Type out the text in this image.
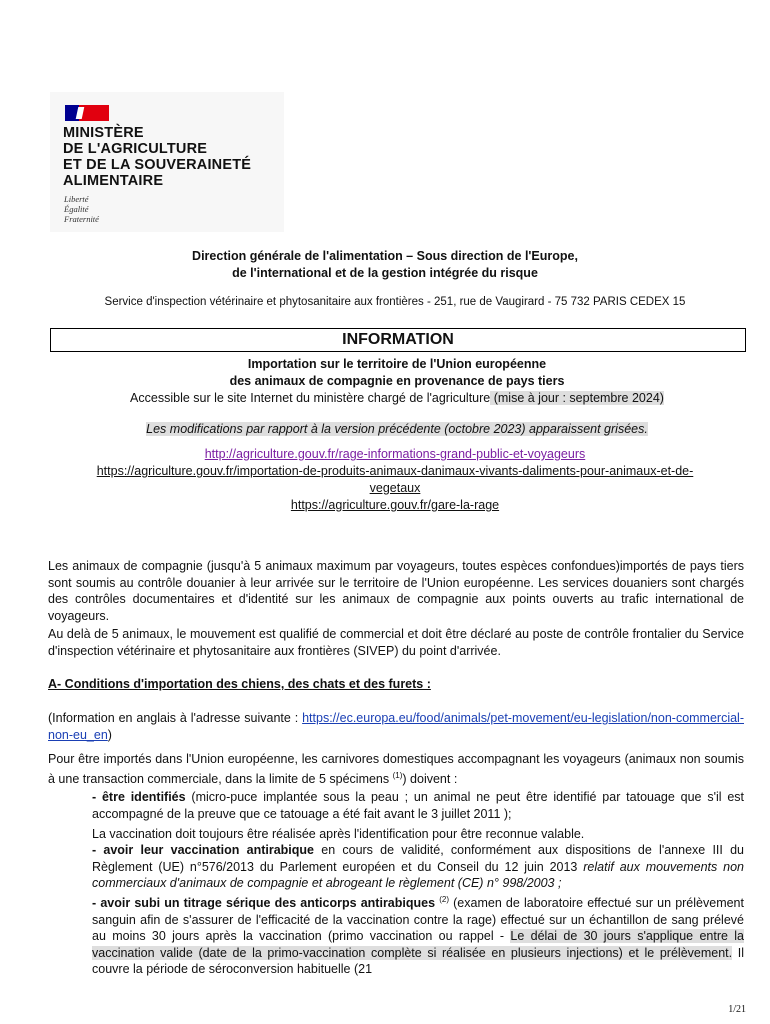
MINISTÈRE
DE L'AGRICULTURE
ET DE LA SOUVERAINETÉ
ALIMENTAIRE
Liberté
Égalité
Fraternité
Direction générale de l'alimentation – Sous direction de l'Europe,
de l'international et de la gestion intégrée du risque
Service d'inspection vétérinaire et phytosanitaire aux frontières - 251, rue de Vaugirard - 75 732 PARIS CEDEX 15
INFORMATION
Importation sur le territoire de l'Union européenne
des animaux de compagnie en provenance de pays tiers
Accessible sur le site Internet du ministère chargé de l'agriculture (mise à jour : septembre 2024)
Les modifications par rapport à la version précédente (octobre 2023) apparaissent grisées.
http://agriculture.gouv.fr/rage-informations-grand-public-et-voyageurs
https://agriculture.gouv.fr/importation-de-produits-animaux-danimaux-vivants-daliments-pour-animaux-et-de-
vegetaux
https://agriculture.gouv.fr/gare-la-rage
Les animaux de compagnie (jusqu'à 5 animaux maximum par voyageurs, toutes espèces confondues)importés de pays tiers sont soumis au contrôle douanier à leur arrivée sur le territoire de l'Union européenne. Les services douaniers sont chargés des contrôles documentaires et d'identité sur les animaux de compagnie aux points ouverts au trafic international de voyageurs.
Au delà de 5 animaux, le mouvement est qualifié de commercial et doit être déclaré au poste de contrôle frontalier du Service d'inspection vétérinaire et phytosanitaire aux frontières (SIVEP) du point d'arrivée.
A- Conditions d'importation des chiens, des chats et des furets :
(Information en anglais à l'adresse suivante : https://ec.europa.eu/food/animals/pet-movement/eu-legislation/non-commercial-non-eu_en)
Pour être importés dans l'Union européenne, les carnivores domestiques accompagnant les voyageurs (animaux non soumis à une transaction commerciale, dans la limite de 5 spécimens $^{(1)}$) doivent :
- être identifiés (micro-puce implantée sous la peau ; un animal ne peut être identifié par tatouage que s'il est accompagné de la preuve que ce tatouage a été fait avant le 3 juillet 2011 );
La vaccination doit toujours être réalisée après l'identification pour être reconnue valable.
- avoir leur vaccination antirabique en cours de validité, conformément aux dispositions de l'annexe III du Règlement (UE) n°576/2013 du Parlement européen et du Conseil du 12 juin 2013 relatif aux mouvements non commerciaux d'animaux de compagnie et abrogeant le règlement (CE) n° 998/2003 ;
- avoir subi un titrage sérique des anticorps antirabiques $^{(2)}$ (examen de laboratoire effectué sur un prélèvement sanguin afin de s'assurer de l'efficacité de la vaccination contre la rage) effectué sur un échantillon de sang prélevé au moins 30 jours après la vaccination (primo vaccination ou rappel - Le délai de 30 jours s'applique entre la vaccination valide (date de la primo-vaccination complète si réalisée en plusieurs injections) et le prélèvement. Il couvre la période de séroconversion habituelle (21
1/21
